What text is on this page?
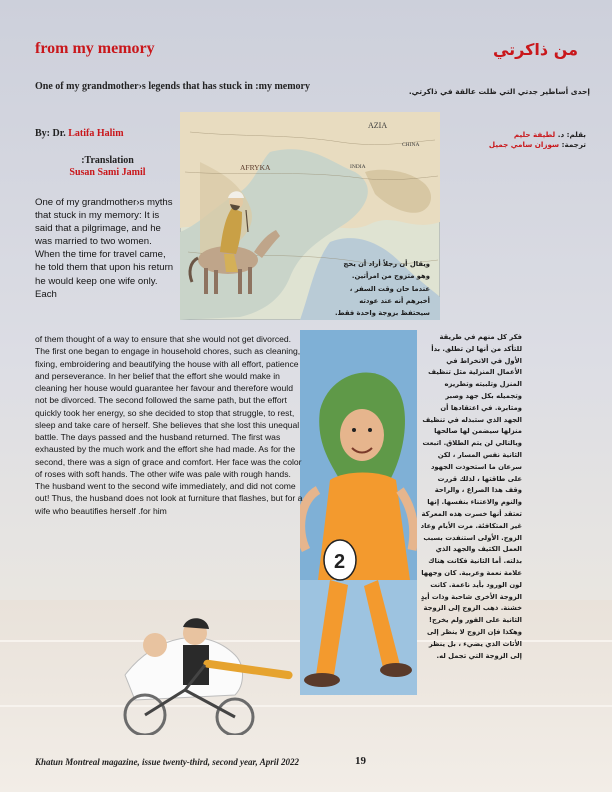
from my memory	من ذاكرتي

One of my grandmother›s legends that has stuck in :my memory	إحدى أساطير جدتي التي ظلت عالقة في ذاكرتي.

By: Dr. Latifa Halim

:Translation
Susan Sami Jamil
بقلم: د. لطيفة حليم
ترجمة: سوزان سامي جميل
AZIA
AFRYKA
CHINA
INDIA
2

One of my grandmother›s myths that stuck in my memory: It is said that a pilgrimage, and he was married to two women. When the time for travel came, he told them that upon his return he would keep one wife only. Each

of them thought of a way to ensure that she would not get divorced. The first one began to engage in household chores, such as cleaning, fixing, embroidering and beautifying the house with all effort, patience and perseverance. In her belief that the effort she would make in cleaning her house would guarantee her favour and therefore would not be divorced. The second followed the same path, but the effort quickly took her energy, so she decided to stop that struggle, to rest, sleep and take care of herself. She believes that she lost this unequal battle. The days passed and the husband returned. The first was exhausted by the much work and the effort she had made. As for the second, there was a sign of grace and comfort. Her face was the color of roses with soft hands. The other wife was pale with rough hands. The husband went to the second wife immediately, and did not come out! Thus, the husband does not look at furniture that flashes, but for a wife who beautifies herself .for him

ويقال أن رجلاً أراد أن يحج وهو متزوج من امرأتين. عندما حان وقت السفر ، أخبرهم أنه عند عودته سيحتفظ بزوجة واحدة فقط.

فكر كل منهم في طريقة للتأكد من أنها لن تطلق. بدأ الأول في الانخراط في الأعمال المنزلية مثل تنظيف المنزل وتلبيته وتطريزه وتجميله بكل جهد وصبر ومثابرة. في اعتقادها أن الجهد الذي ستبذله في تنظيف منزلها سيضمن لها صالحها وبالتالي لن يتم الطلاق. اتبعت الثانية نفس المسار ، لكن سرعان ما استحوذت الجهود على طاقتها ، لذلك قررت وقف هذا الصراع ، والراحة والنوم والاعتناء بنفسها. إنها تعتقد أنها خسرت هذه المعركة غير المتكافئة. مرت الأيام وعاد الزوج. الأولى استنفدت بسبب العمل الكثيف والجهد الذي بذلته. أما الثانية فكانت هناك علامة نعمة وعربية. كان وجهها لون الورود بأيد ناعمة. كانت الزوجة الأخرى شاحبة وذات أيدٍ خشنة. ذهب الزوج إلى الزوجة الثانية على الفور ولم يخرج! وهكذا فإن الزوج لا ينظر إلى الأثاث الذي يضيء ، بل ينظر إلى الزوجة التي تجمل له.

Khatun Montreal magazine, issue twenty-third, second year, April 2022	19
